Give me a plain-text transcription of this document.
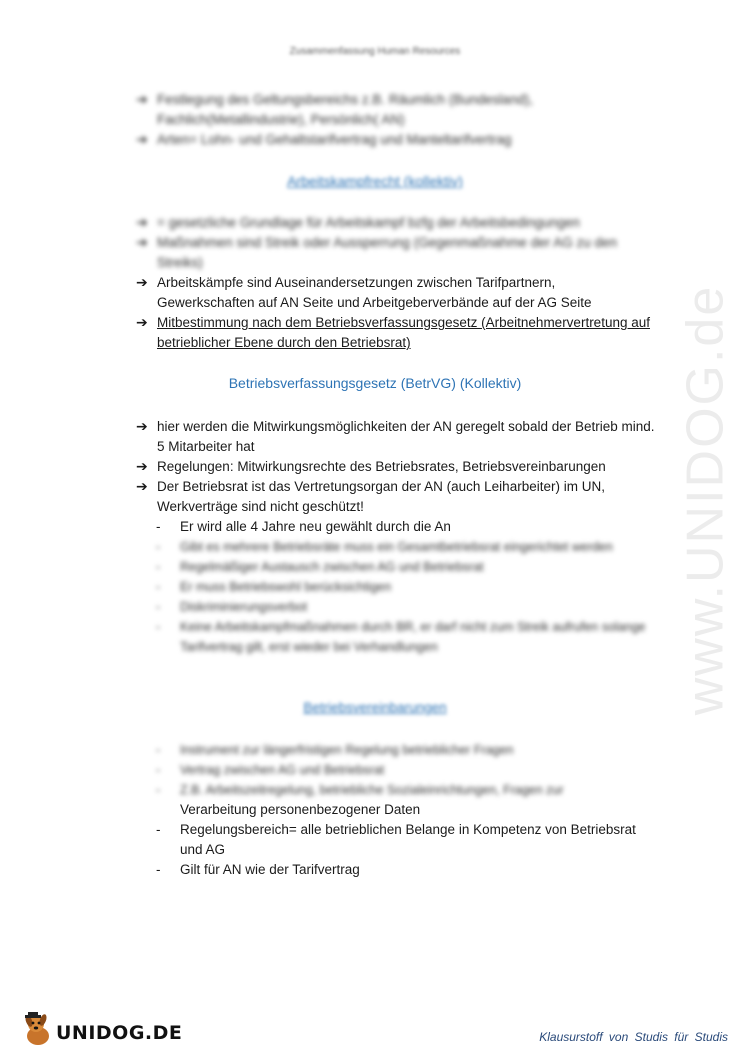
www.UNIDOG.de
Zusammenfassung Human Resources
➔ Festlegung des Geltungsbereichs z.B. Räumlich (Bundesland), Fachlich(Metallindustrie), Persönlich( AN)
➔ Arten= Lohn- und Gehaltstarifvertrag und Manteltarifvertrag
Arbeitskampfrecht (kollektiv)
➔ = gesetzliche Grundlage für Arbeitskampf bzfg der Arbeitsbedingungen
➔ Maßnahmen sind Streik oder Aussperrung (Gegenmaßnahme der AG zu den Streiks)
➔ Arbeitskämpfe sind Auseinandersetzungen zwischen Tarifpartnern, Gewerkschaften auf AN Seite und Arbeitgeberverbände auf der AG Seite
➔ Mitbestimmung nach dem Betriebsverfassungsgesetz (Arbeitnehmervertretung auf betrieblicher Ebene durch den Betriebsrat)
Betriebsverfassungsgesetz (BetrVG) (Kollektiv)
➔ hier werden die Mitwirkungsmöglichkeiten der AN geregelt sobald der Betrieb mind. 5 Mitarbeiter hat
➔ Regelungen: Mitwirkungsrechte des Betriebsrates, Betriebsvereinbarungen
➔ Der Betriebsrat ist das Vertretungsorgan der AN (auch Leiharbeiter) im UN, Werkverträge sind nicht geschützt!
- Er wird alle 4 Jahre neu gewählt durch die An
- Gibt es mehrere Betriebsräte muss ein Gesamtbetriebsrat eingerichtet werden
- Regelmäßiger Austausch zwischen AG und Betriebsrat
- Er muss Betriebswohl berücksichtigen
- Diskriminierungsverbot
- Keine Arbeitskampfmaßnahmen durch BR, er darf nicht zum Streik aufrufen solange Tarifvertrag gilt, erst wieder bei Verhandlungen
Betriebsvereinbarungen
- Instrument zur längerfristigen Regelung betrieblicher Fragen
- Vertrag zwischen AG und Betriebsrat
- Z.B. Arbeitszeitregelung, betriebliche Sozialeinrichtungen, Fragen zur
Verarbeitung personenbezogener Daten
- Regelungsbereich= alle betrieblichen Belange in Kompetenz von Betriebsrat und AG
- Gilt für AN wie der Tarifvertrag
UNIDOG.DE	Klausurstoff von Studis für Studis
